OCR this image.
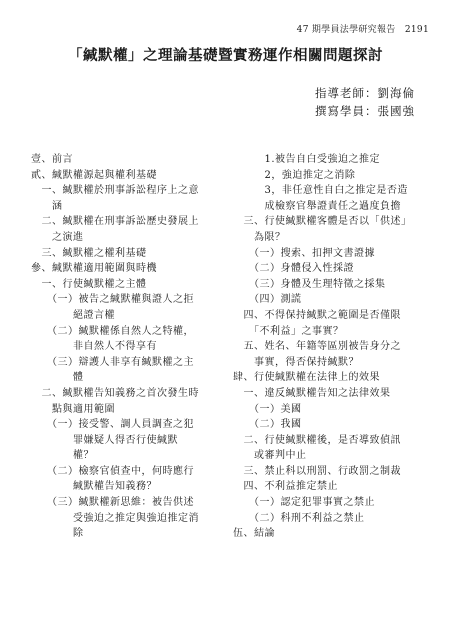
47 期學員法學研究報告　2191
「緘默權」之理論基礎暨實務運作相關問題探討
指導老師：劉海倫
撰寫學員：張國強
壹、前言
貳、緘默權源起與權利基礎
　一、緘默權於刑事訴訟程序上之意
　　涵
　二、緘默權在刑事訴訟歷史發展上
　　之演進
　三、緘默權之權利基礎
參、緘默權適用範圍與時機
　一、行使緘默權之主體
　　（一）被告之緘默權與證人之拒
　　　　絕證言權
　　（二）緘默權係自然人之特權，
　　　　非自然人不得享有
　　（三）辯護人非享有緘默權之主
　　　　體
　二、緘默權告知義務之首次發生時
　　點與適用範圍
　　（一）接受警、調人員調查之犯
　　　　罪嫌疑人得否行使緘默
　　　　權？
　　（二）檢察官偵查中，何時應行
　　　　緘默權告知義務？
　　（三）緘默權新思維：被告供述
　　　　受強迫之推定與強迫推定消
　　　　除
　　　1.被告自白受強迫之推定
　　　2，強迫推定之消除
　　　3，非任意性自白之推定是否造
　　　成檢察官舉證責任之過度負擔
　三、行使緘默權客體是否以「供述」
　　為限？
　　（一）搜索、扣押文書證據
　　（二）身體侵入性採證
　　（三）身體及生理特徵之採集
　　（四）測謊
　四、不得保持緘默之範圍是否僅限
　　「不利益」之事實？
　五、姓名、年籍等區別被告身分之
　　事實，得否保持緘默？
肆、行使緘默權在法律上的效果
　一、違反緘默權告知之法律效果
　　（一）美國
　　（二）我國
　二、行使緘默權後，是否導致偵訊
　　或審判中止
　三、禁止科以刑罰、行政罰之制裁
　四、不利益推定禁止
　　（一）認定犯罪事實之禁止
　　（二）科刑不利益之禁止
伍、結論
